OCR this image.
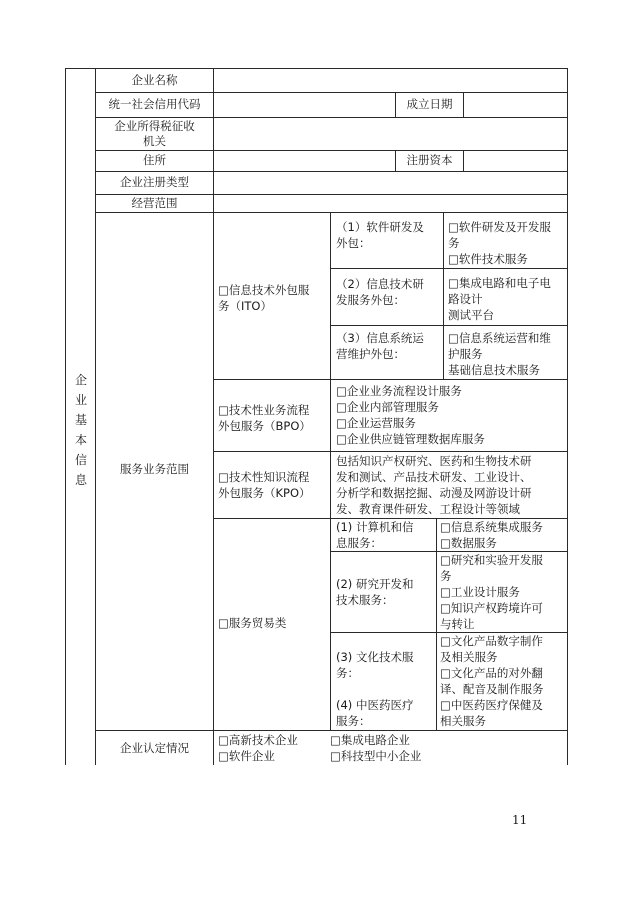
企
业
基
本
信
息
企业名称
统一社会信用代码	成立日期
企业所得税征收
机关
住所	注册资本
企业注册类型
经营范围
服务业务范围
企业认定情况
□信息技术外包服
务（ITO）
（1）软件研发及
外包：
□软件研发及开发服
务
□软件技术服务
（2）信息技术研
发服务外包：
□集成电路和电子电
路设计
测试平台
（3）信息系统运
营维护外包：
□信息系统运营和维
护服务
基础信息技术服务
□技术性业务流程
外包服务（BPO）
□企业业务流程设计服务
□企业内部管理服务
□企业运营服务
□企业供应链管理数据库服务
□技术性知识流程
外包服务（KPO）
包括知识产权研究、医药和生物技术研
发和测试、产品技术研发、工业设计、
分析学和数据挖掘、动漫及网游设计研
发、教育课件研发、工程设计等领域
□服务贸易类
(1) 计算机和信
息服务：
□信息系统集成服务
□数据服务
(2) 研究开发和
技术服务：
□研究和实验开发服
务
□工业设计服务
□知识产权跨境许可
与转让
(3) 文化技术服
务：
□文化产品数字制作
及相关服务
□文化产品的对外翻
译、配音及制作服务
(4) 中医药医疗
服务：
□中医药医疗保健及
相关服务
□高新技术企业
□软件企业
□集成电路企业
□科技型中小企业
11
